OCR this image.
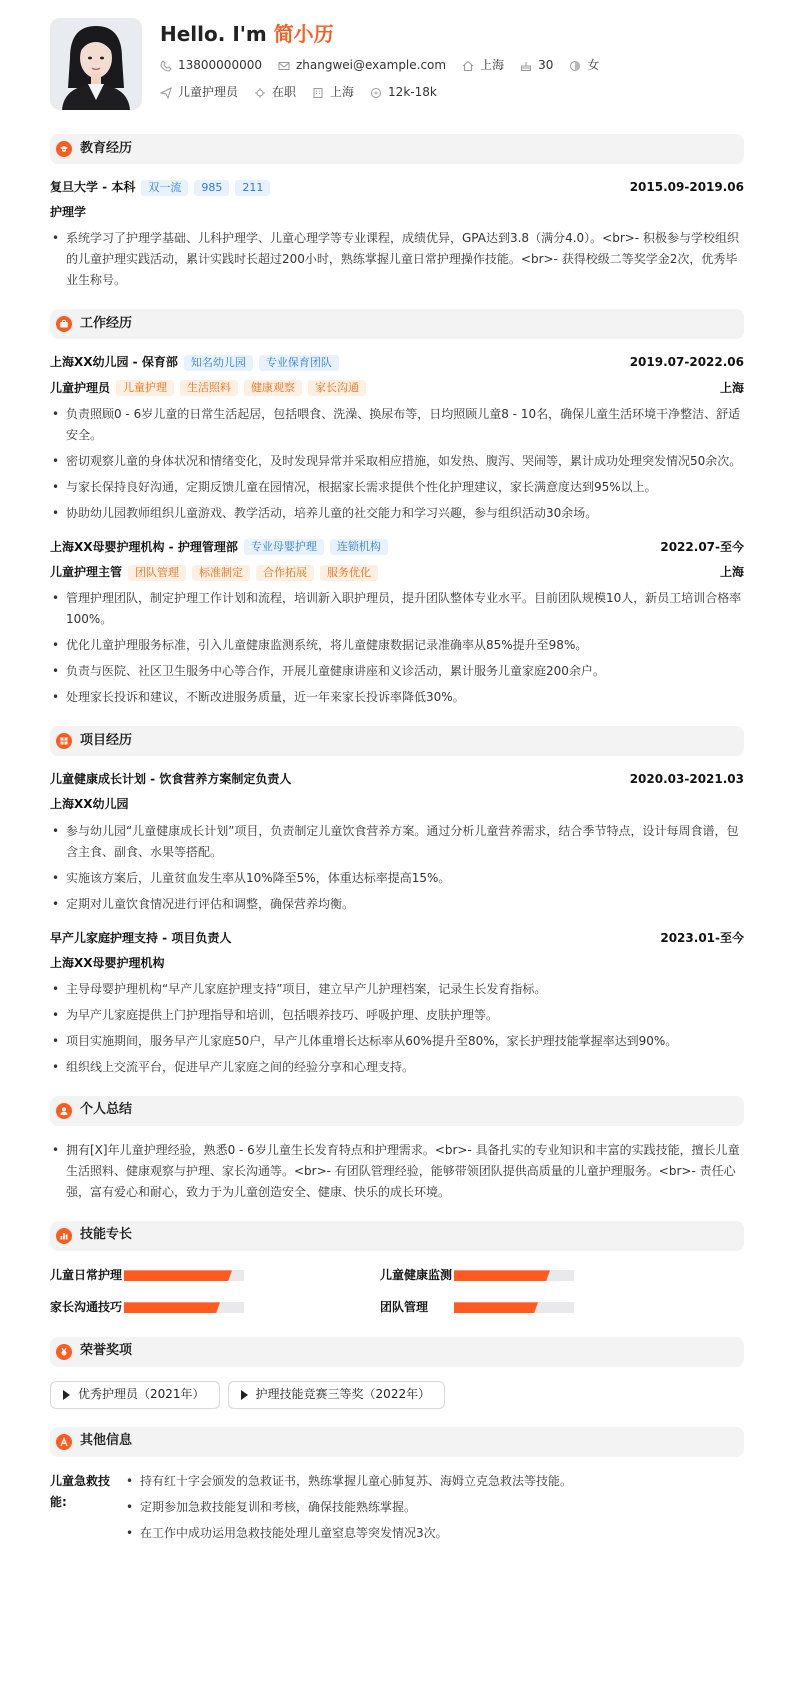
Hello. I'm 简小历
13800000000	zhangwei@example.com	上海	30	女
儿童护理员	在职	上海	12k-18k
教育经历
复旦大学 - 本科	双一流	985	211	2015.09-2019.06
护理学
• 系统学习了护理学基础、儿科护理学、儿童心理学等专业课程，成绩优异，GPA达到3.8（满分4.0）。<br>- 积极参与学校组织的儿童护理实践活动，累计实践时长超过200小时，熟练掌握儿童日常护理操作技能。<br>- 获得校级二等奖学金2次，优秀毕业生称号。
工作经历
上海XX幼儿园 - 保育部	知名幼儿园	专业保育团队	2019.07-2022.06
儿童护理员	儿童护理	生活照料	健康观察	家长沟通	上海
• 负责照顾0 - 6岁儿童的日常生活起居，包括喂食、洗澡、换尿布等，日均照顾儿童8 - 10名，确保儿童生活环境干净整洁、舒适安全。
• 密切观察儿童的身体状况和情绪变化，及时发现异常并采取相应措施，如发热、腹泻、哭闹等，累计成功处理突发情况50余次。
• 与家长保持良好沟通，定期反馈儿童在园情况，根据家长需求提供个性化护理建议，家长满意度达到95%以上。
• 协助幼儿园教师组织儿童游戏、教学活动，培养儿童的社交能力和学习兴趣，参与组织活动30余场。
上海XX母婴护理机构 - 护理管理部	专业母婴护理	连锁机构	2022.07-至今
儿童护理主管	团队管理	标准制定	合作拓展	服务优化	上海
• 管理护理团队，制定护理工作计划和流程，培训新入职护理员，提升团队整体专业水平。目前团队规模10人，新员工培训合格率100%。
• 优化儿童护理服务标准，引入儿童健康监测系统，将儿童健康数据记录准确率从85%提升至98%。
• 负责与医院、社区卫生服务中心等合作，开展儿童健康讲座和义诊活动，累计服务儿童家庭200余户。
• 处理家长投诉和建议，不断改进服务质量，近一年来家长投诉率降低30%。
项目经历
儿童健康成长计划 - 饮食营养方案制定负责人	2020.03-2021.03
上海XX幼儿园
• 参与幼儿园“儿童健康成长计划”项目，负责制定儿童饮食营养方案。通过分析儿童营养需求，结合季节特点，设计每周食谱，包含主食、副食、水果等搭配。
• 实施该方案后，儿童贫血发生率从10%降至5%，体重达标率提高15%。
• 定期对儿童饮食情况进行评估和调整，确保营养均衡。
早产儿家庭护理支持 - 项目负责人	2023.01-至今
上海XX母婴护理机构
• 主导母婴护理机构“早产儿家庭护理支持”项目，建立早产儿护理档案，记录生长发育指标。
• 为早产儿家庭提供上门护理指导和培训，包括喂养技巧、呼吸护理、皮肤护理等。
• 项目实施期间，服务早产儿家庭50户，早产儿体重增长达标率从60%提升至80%，家长护理技能掌握率达到90%。
• 组织线上交流平台，促进早产儿家庭之间的经验分享和心理支持。
个人总结
• 拥有[X]年儿童护理经验，熟悉0 - 6岁儿童生长发育特点和护理需求。<br>- 具备扎实的专业知识和丰富的实践技能，擅长儿童生活照料、健康观察与护理、家长沟通等。<br>- 有团队管理经验，能够带领团队提供高质量的儿童护理服务。<br>- 责任心强，富有爱心和耐心，致力于为儿童创造安全、健康、快乐的成长环境。
技能专长
儿童日常护理	儿童健康监测
家长沟通技巧	团队管理
荣誉奖项
优秀护理员（2021年）	护理技能竞赛三等奖（2022年）
其他信息
儿童急救技能:
• 持有红十字会颁发的急救证书，熟练掌握儿童心肺复苏、海姆立克急救法等技能。
• 定期参加急救技能复训和考核，确保技能熟练掌握。
• 在工作中成功运用急救技能处理儿童窒息等突发情况3次。
